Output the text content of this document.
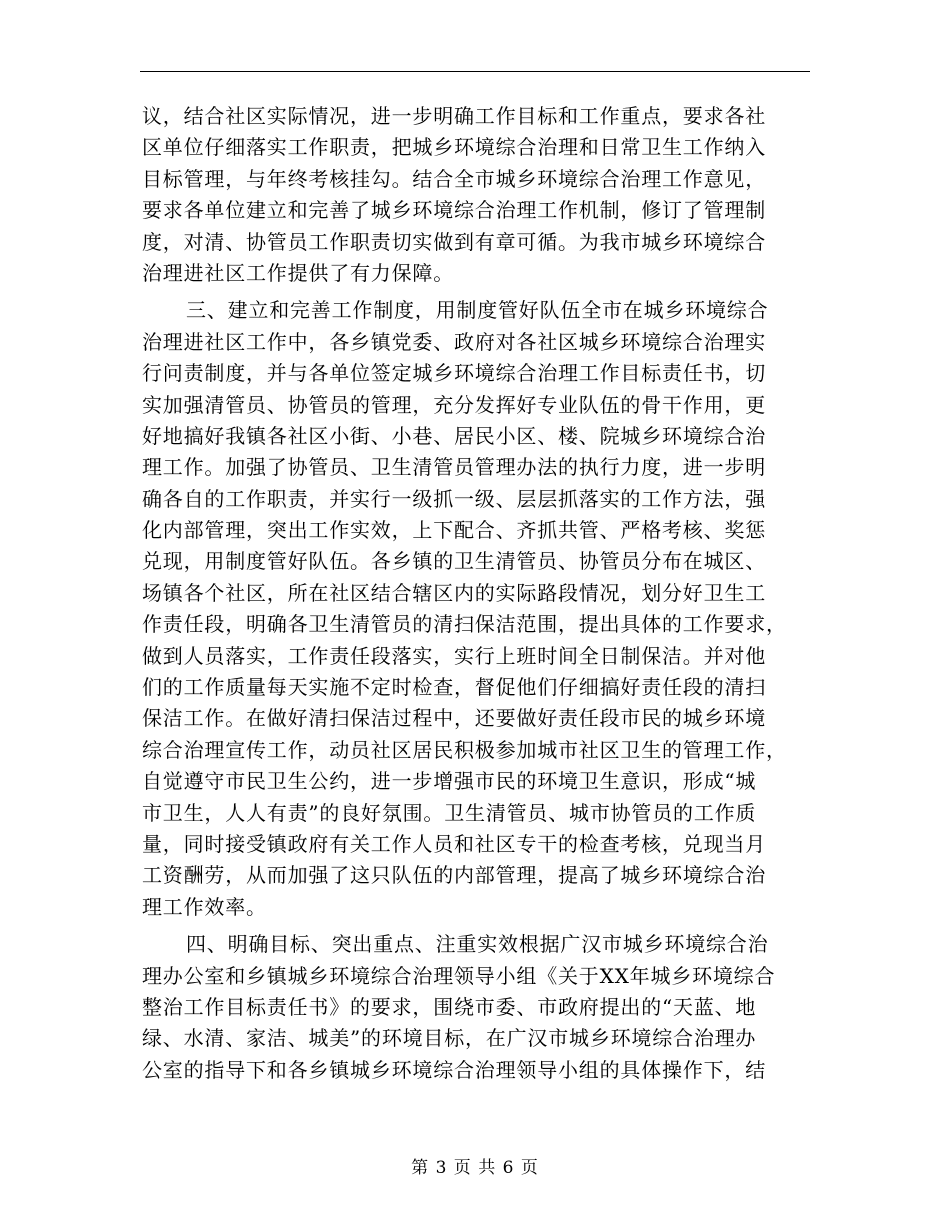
议，结合社区实际情况，进一步明确工作目标和工作重点，要求各社
区单位仔细落实工作职责，把城乡环境综合治理和日常卫生工作纳入
目标管理，与年终考核挂勾。结合全市城乡环境综合治理工作意见，
要求各单位建立和完善了城乡环境综合治理工作机制，修订了管理制
度，对清、协管员工作职责切实做到有章可循。为我市城乡环境综合
治理进社区工作提供了有力保障。
三、建立和完善工作制度，用制度管好队伍全市在城乡环境综合
治理进社区工作中，各乡镇党委、政府对各社区城乡环境综合治理实
行问责制度，并与各单位签定城乡环境综合治理工作目标责任书，切
实加强清管员、协管员的管理，充分发挥好专业队伍的骨干作用，更
好地搞好我镇各社区小街、小巷、居民小区、楼、院城乡环境综合治
理工作。加强了协管员、卫生清管员管理办法的执行力度，进一步明
确各自的工作职责，并实行一级抓一级、层层抓落实的工作方法，强
化内部管理，突出工作实效，上下配合、齐抓共管、严格考核、奖惩
兑现，用制度管好队伍。各乡镇的卫生清管员、协管员分布在城区、
场镇各个社区，所在社区结合辖区内的实际路段情况，划分好卫生工
作责任段，明确各卫生清管员的清扫保洁范围，提出具体的工作要求，
做到人员落实，工作责任段落实，实行上班时间全日制保洁。并对他
们的工作质量每天实施不定时检查，督促他们仔细搞好责任段的清扫
保洁工作。在做好清扫保洁过程中，还要做好责任段市民的城乡环境
综合治理宣传工作，动员社区居民积极参加城市社区卫生的管理工作，
自觉遵守市民卫生公约，进一步增强市民的环境卫生意识，形成“城
市卫生，人人有责”的良好氛围。卫生清管员、城市协管员的工作质
量，同时接受镇政府有关工作人员和社区专干的检查考核，兑现当月
工资酬劳，从而加强了这只队伍的内部管理，提高了城乡环境综合治
理工作效率。
四、明确目标、突出重点、注重实效根据广汉市城乡环境综合治
理办公室和乡镇城乡环境综合治理领导小组《关于XX年城乡环境综合
整治工作目标责任书》的要求，围绕市委、市政府提出的“天蓝、地
绿、水清、家洁、城美”的环境目标，在广汉市城乡环境综合治理办
公室的指导下和各乡镇城乡环境综合治理领导小组的具体操作下，结
第 3 页 共 6 页
